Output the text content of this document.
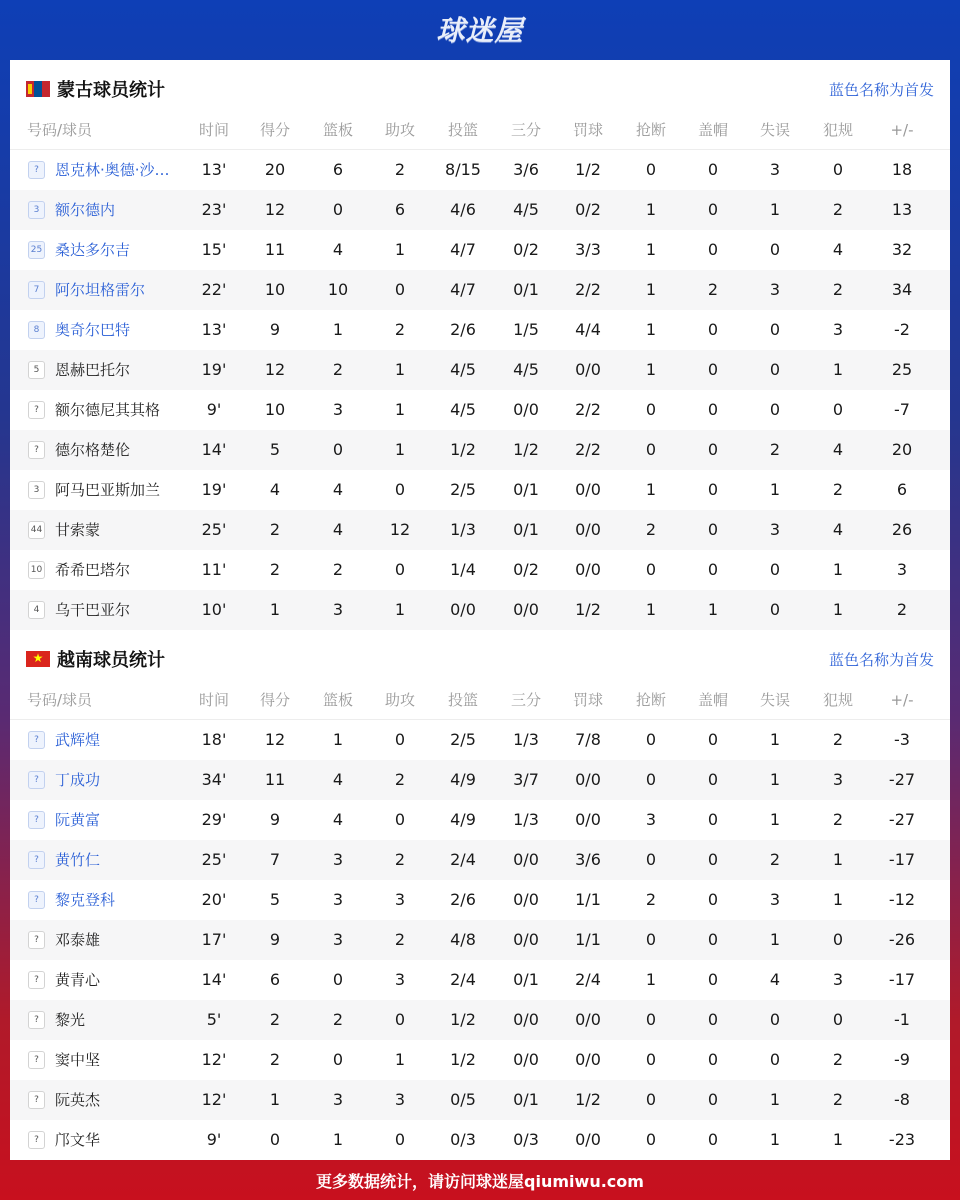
球迷屋
蒙古球员统计	蓝色名称为首发
号码/球员	时间	得分	篮板	助攻	投篮	三分	罚球	抢断	盖帽	失误	犯规	+/-
?	恩克林·奥德·沙…	13'	20	6	2	8/15	3/6	1/2	0	0	3	0	18
3	额尔德内	23'	12	0	6	4/6	4/5	0/2	1	0	1	2	13
25 桑达多尔吉	15'	11	4	1	4/7	0/2	3/3	1	0	0	4	32
7	阿尔坦格雷尔	22'	10	10	0	4/7	0/1	2/2	1	2	3	2	34
8	奥奇尔巴特	13'	9	1	2	2/6	1/5	4/4	1	0	0	3	-2
5	恩赫巴托尔	19'	12	2	1	4/5	4/5	0/0	1	0	0	1	25
?	额尔德尼其其格	9'	10	3	1	4/5	0/0	2/2	0	0	0	0	-7
?	德尔格楚伦	14'	5	0	1	1/2	1/2	2/2	0	0	2	4	20
3	阿马巴亚斯加兰	19'	4	4	0	2/5	0/1	0/0	1	0	1	2	6
44 甘索蒙	25'	2	4	12	1/3	0/1	0/0	2	0	3	4	26
10 希希巴塔尔	11'	2	2	0	1/4	0/2	0/0	0	0	0	1	3
4	乌干巴亚尔	10'	1	3	1	0/0	0/0	1/2	1	1	0	1	2
★ 越南球员统计	蓝色名称为首发
号码/球员	时间	得分	篮板	助攻	投篮	三分	罚球	抢断	盖帽	失误	犯规	+/-
?	武辉煌	18'	12	1	0	2/5	1/3	7/8	0	0	1	2	-3
?	丁成功	34'	11	4	2	4/9	3/7	0/0	0	0	1	3	-27
?	阮黄富	29'	9	4	0	4/9	1/3	0/0	3	0	1	2	-27
?	黄竹仁	25'	7	3	2	2/4	0/0	3/6	0	0	2	1	-17
?	黎克登科	20'	5	3	3	2/6	0/0	1/1	2	0	3	1	-12
?	邓泰雄	17'	9	3	2	4/8	0/0	1/1	0	0	1	0	-26
?	黄青心	14'	6	0	3	2/4	0/1	2/4	1	0	4	3	-17
?	黎光	5'	2	2	0	1/2	0/0	0/0	0	0	0	0	-1
?	窦中坚	12'	2	0	1	1/2	0/0	0/0	0	0	0	2	-9
?	阮英杰	12'	1	3	3	0/5	0/1	1/2	0	0	1	2	-8
?	邝文华	9'	0	1	0	0/3	0/3	0/0	0	0	1	1	-23
更多数据统计，请访问球迷屋qiumiwu.com
